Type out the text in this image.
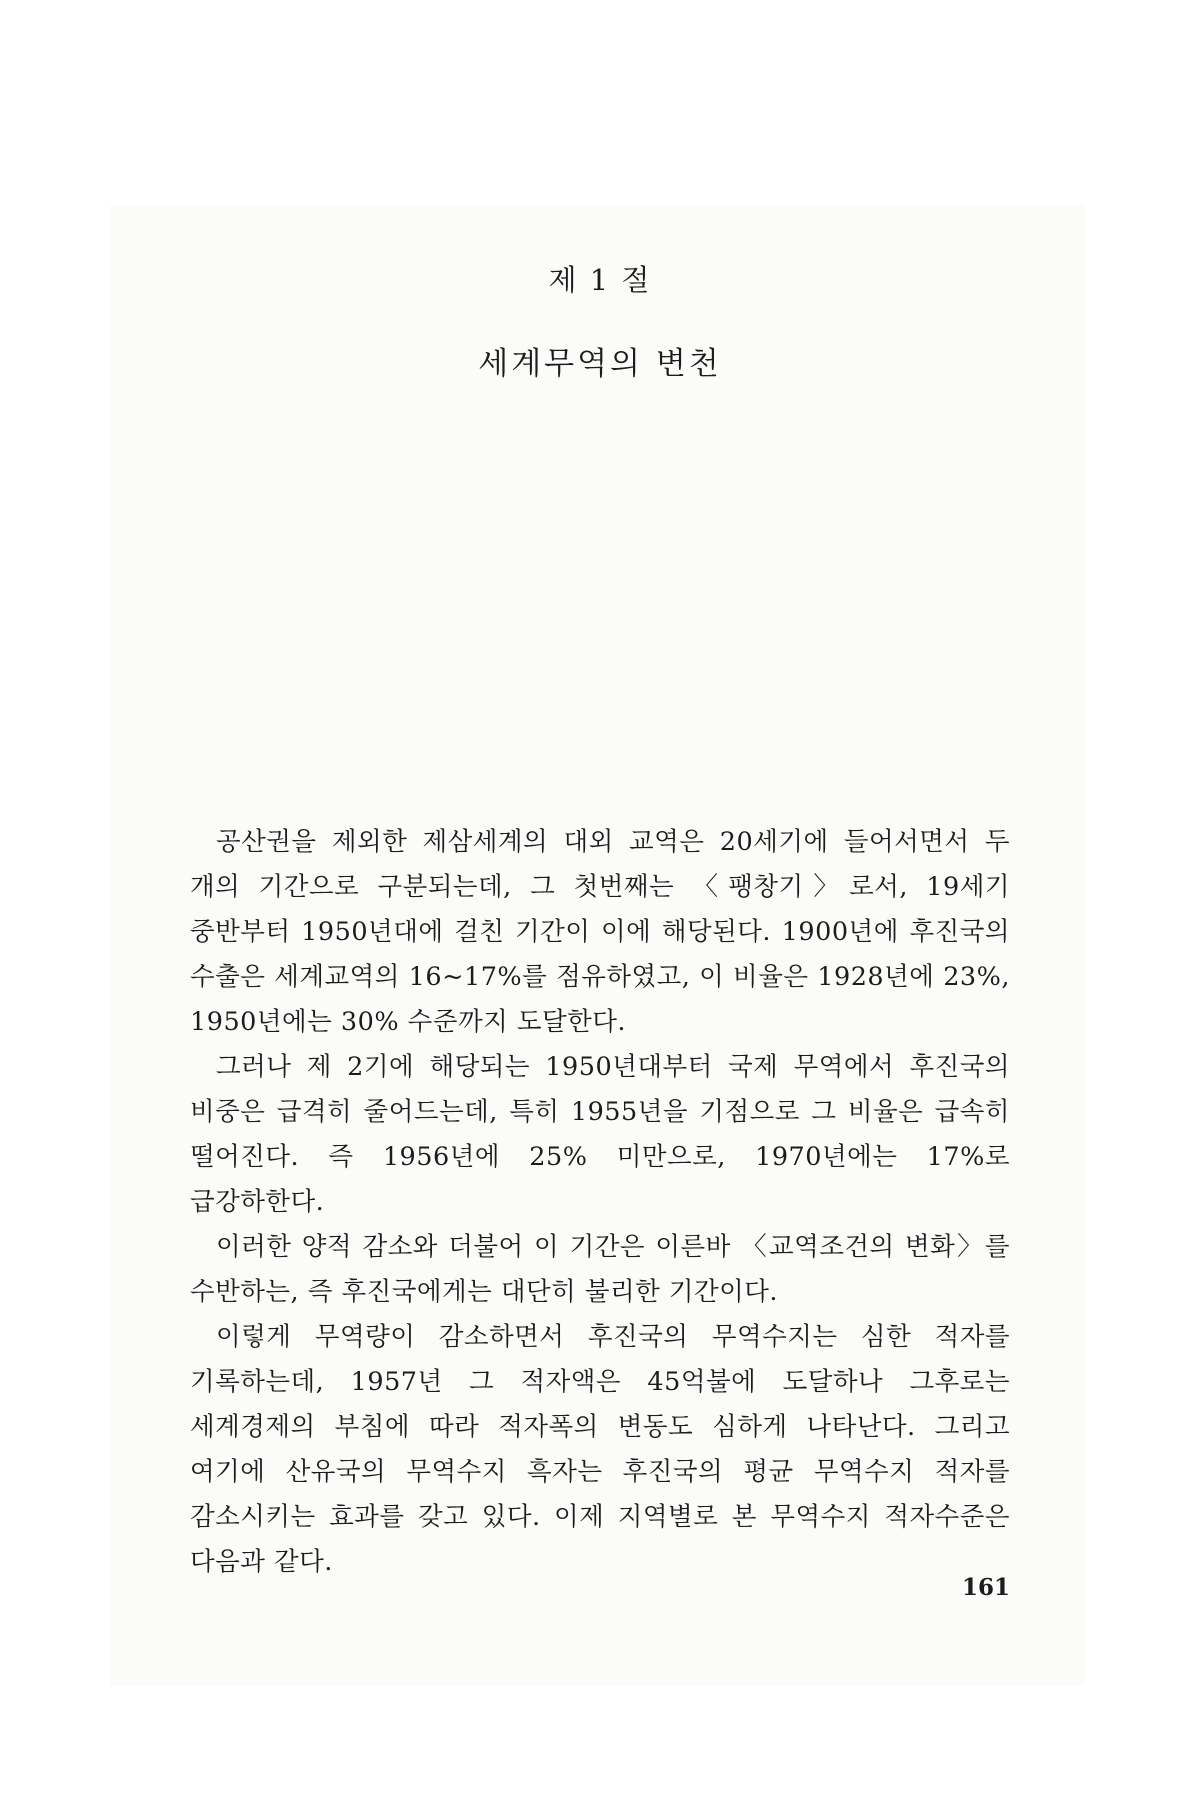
제 1 절
세계무역의 변천

공산권을 제외한 제삼세계의 대외 교역은 20세기에 들어서면서 두 개의 기간으로 구분되는데, 그 첫번째는 〈팽창기〉로서, 19세기 중반부터 1950년대에 걸친 기간이 이에 해당된다. 1900년에 후진국의 수출은 세계교역의 16~17%를 점유하였고, 이 비율은 1928년에 23%, 1950년에는 30% 수준까지 도달한다.

그러나 제 2기에 해당되는 1950년대부터 국제 무역에서 후진국의 비중은 급격히 줄어드는데, 특히 1955년을 기점으로 그 비율은 급속히 떨어진다. 즉 1956년에 25% 미만으로, 1970년에는 17%로 급강하한다.

이러한 양적 감소와 더불어 이 기간은 이른바 〈교역조건의 변화〉를 수반하는, 즉 후진국에게는 대단히 불리한 기간이다.

이렇게 무역량이 감소하면서 후진국의 무역수지는 심한 적자를 기록하는데, 1957년 그 적자액은 45억불에 도달하나 그후로는 세계경제의 부침에 따라 적자폭의 변동도 심하게 나타난다. 그리고 여기에 산유국의 무역수지 흑자는 후진국의 평균 무역수지 적자를 감소시키는 효과를 갖고 있다. 이제 지역별로 본 무역수지 적자수준은 다음과 같다.

161
